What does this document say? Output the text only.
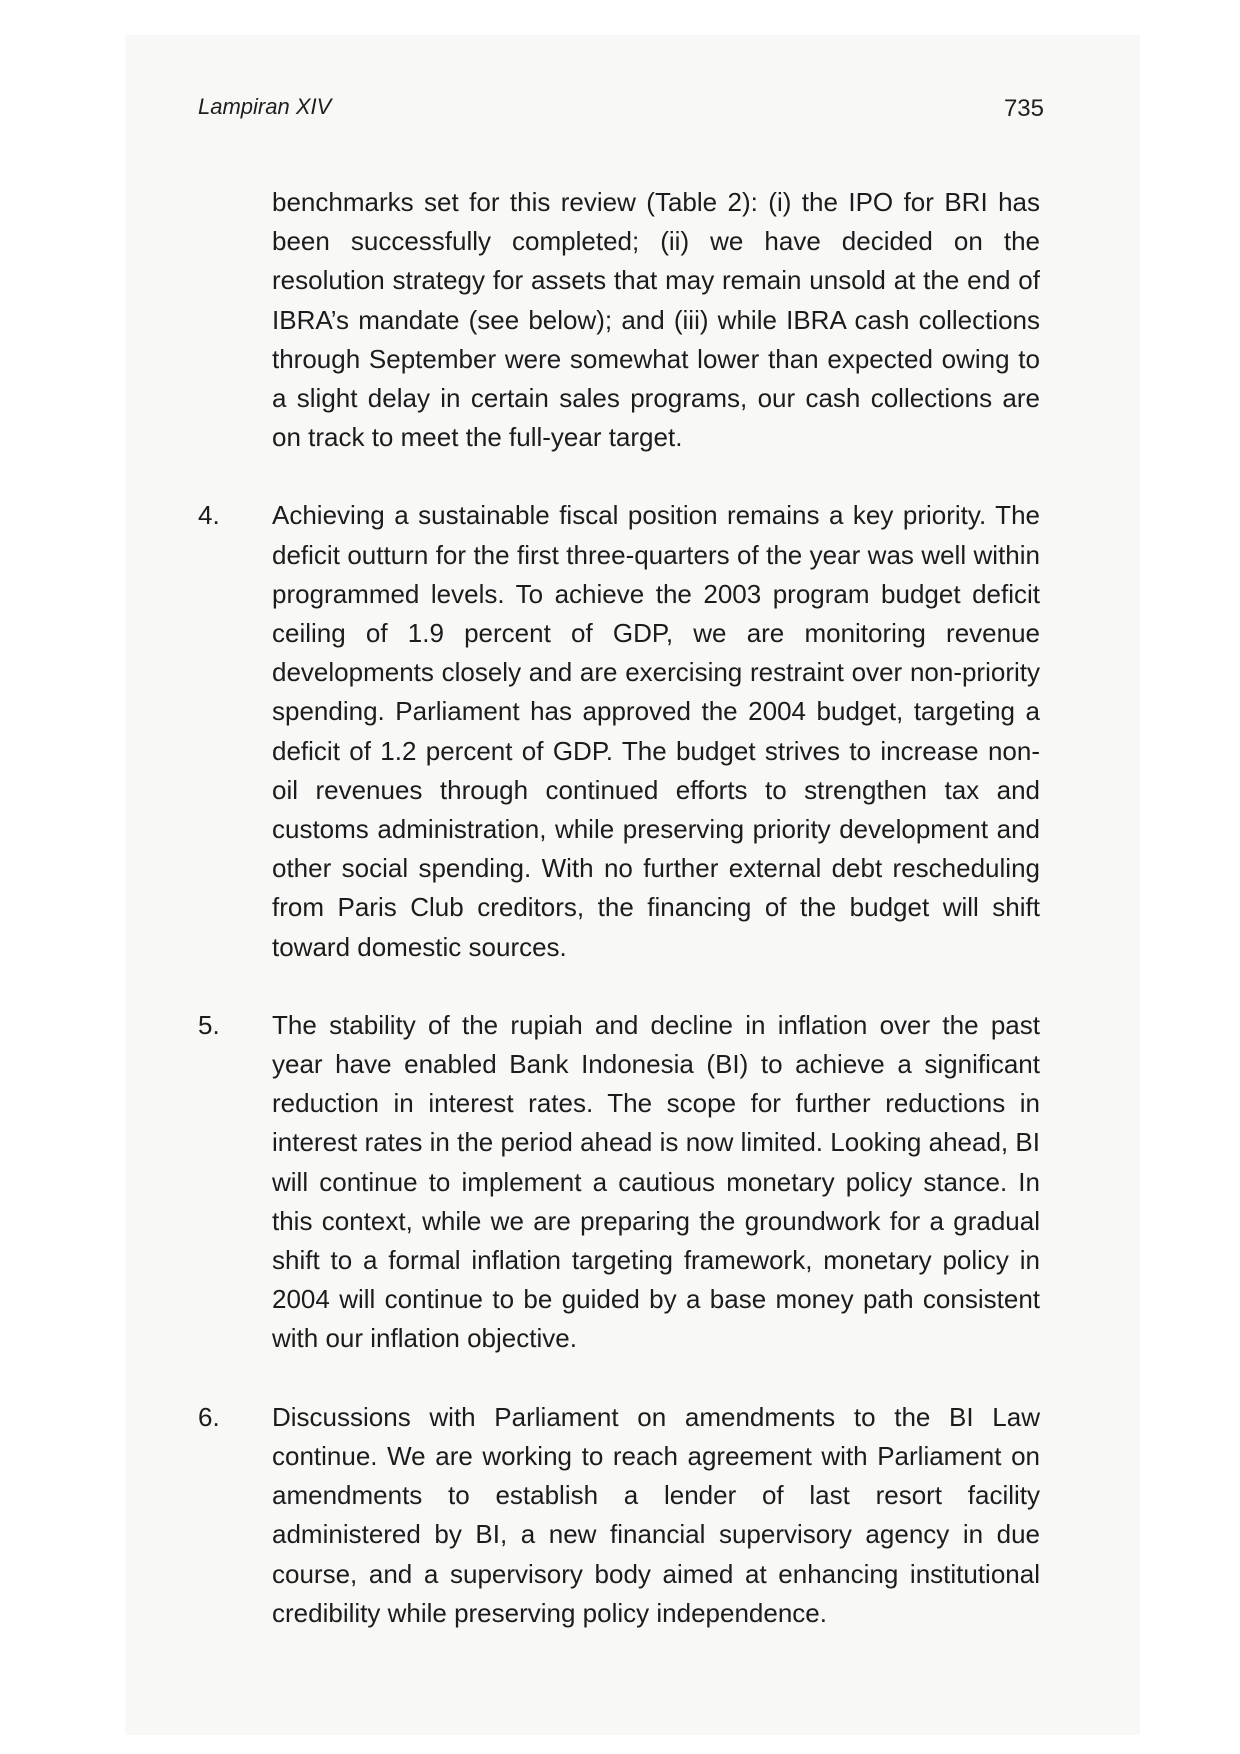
Lampiran XIV	735

benchmarks set for this review (Table 2): (i) the IPO for BRI has been successfully completed; (ii) we have decided on the resolution strategy for assets that may remain unsold at the end of IBRA’s mandate (see below); and (iii) while IBRA cash collections through September were somewhat lower than expected owing to a slight delay in certain sales programs, our cash collections are on track to meet the full-year target.

4. Achieving a sustainable fiscal position remains a key priority. The deficit outturn for the first three-quarters of the year was well within programmed levels. To achieve the 2003 program budget deficit ceiling of 1.9 percent of GDP, we are monitoring revenue developments closely and are exercising restraint over non-priority spending. Parliament has approved the 2004 budget, targeting a deficit of 1.2 percent of GDP. The budget strives to increase non-oil revenues through continued efforts to strengthen tax and customs administration, while preserving priority development and other social spending. With no further external debt rescheduling from Paris Club creditors, the financing of the budget will shift toward domestic sources.

5. The stability of the rupiah and decline in inflation over the past year have enabled Bank Indonesia (BI) to achieve a significant reduction in interest rates. The scope for further reductions in interest rates in the period ahead is now limited. Looking ahead, BI will continue to implement a cautious monetary policy stance. In this context, while we are preparing the groundwork for a gradual shift to a formal inflation targeting framework, monetary policy in 2004 will continue to be guided by a base money path consistent with our inflation objective.

6. Discussions with Parliament on amendments to the BI Law continue. We are working to reach agreement with Parliament on amendments to establish a lender of last resort facility administered by BI, a new financial supervisory agency in due course, and a supervisory body aimed at enhancing institutional credibility while preserving policy independence.
